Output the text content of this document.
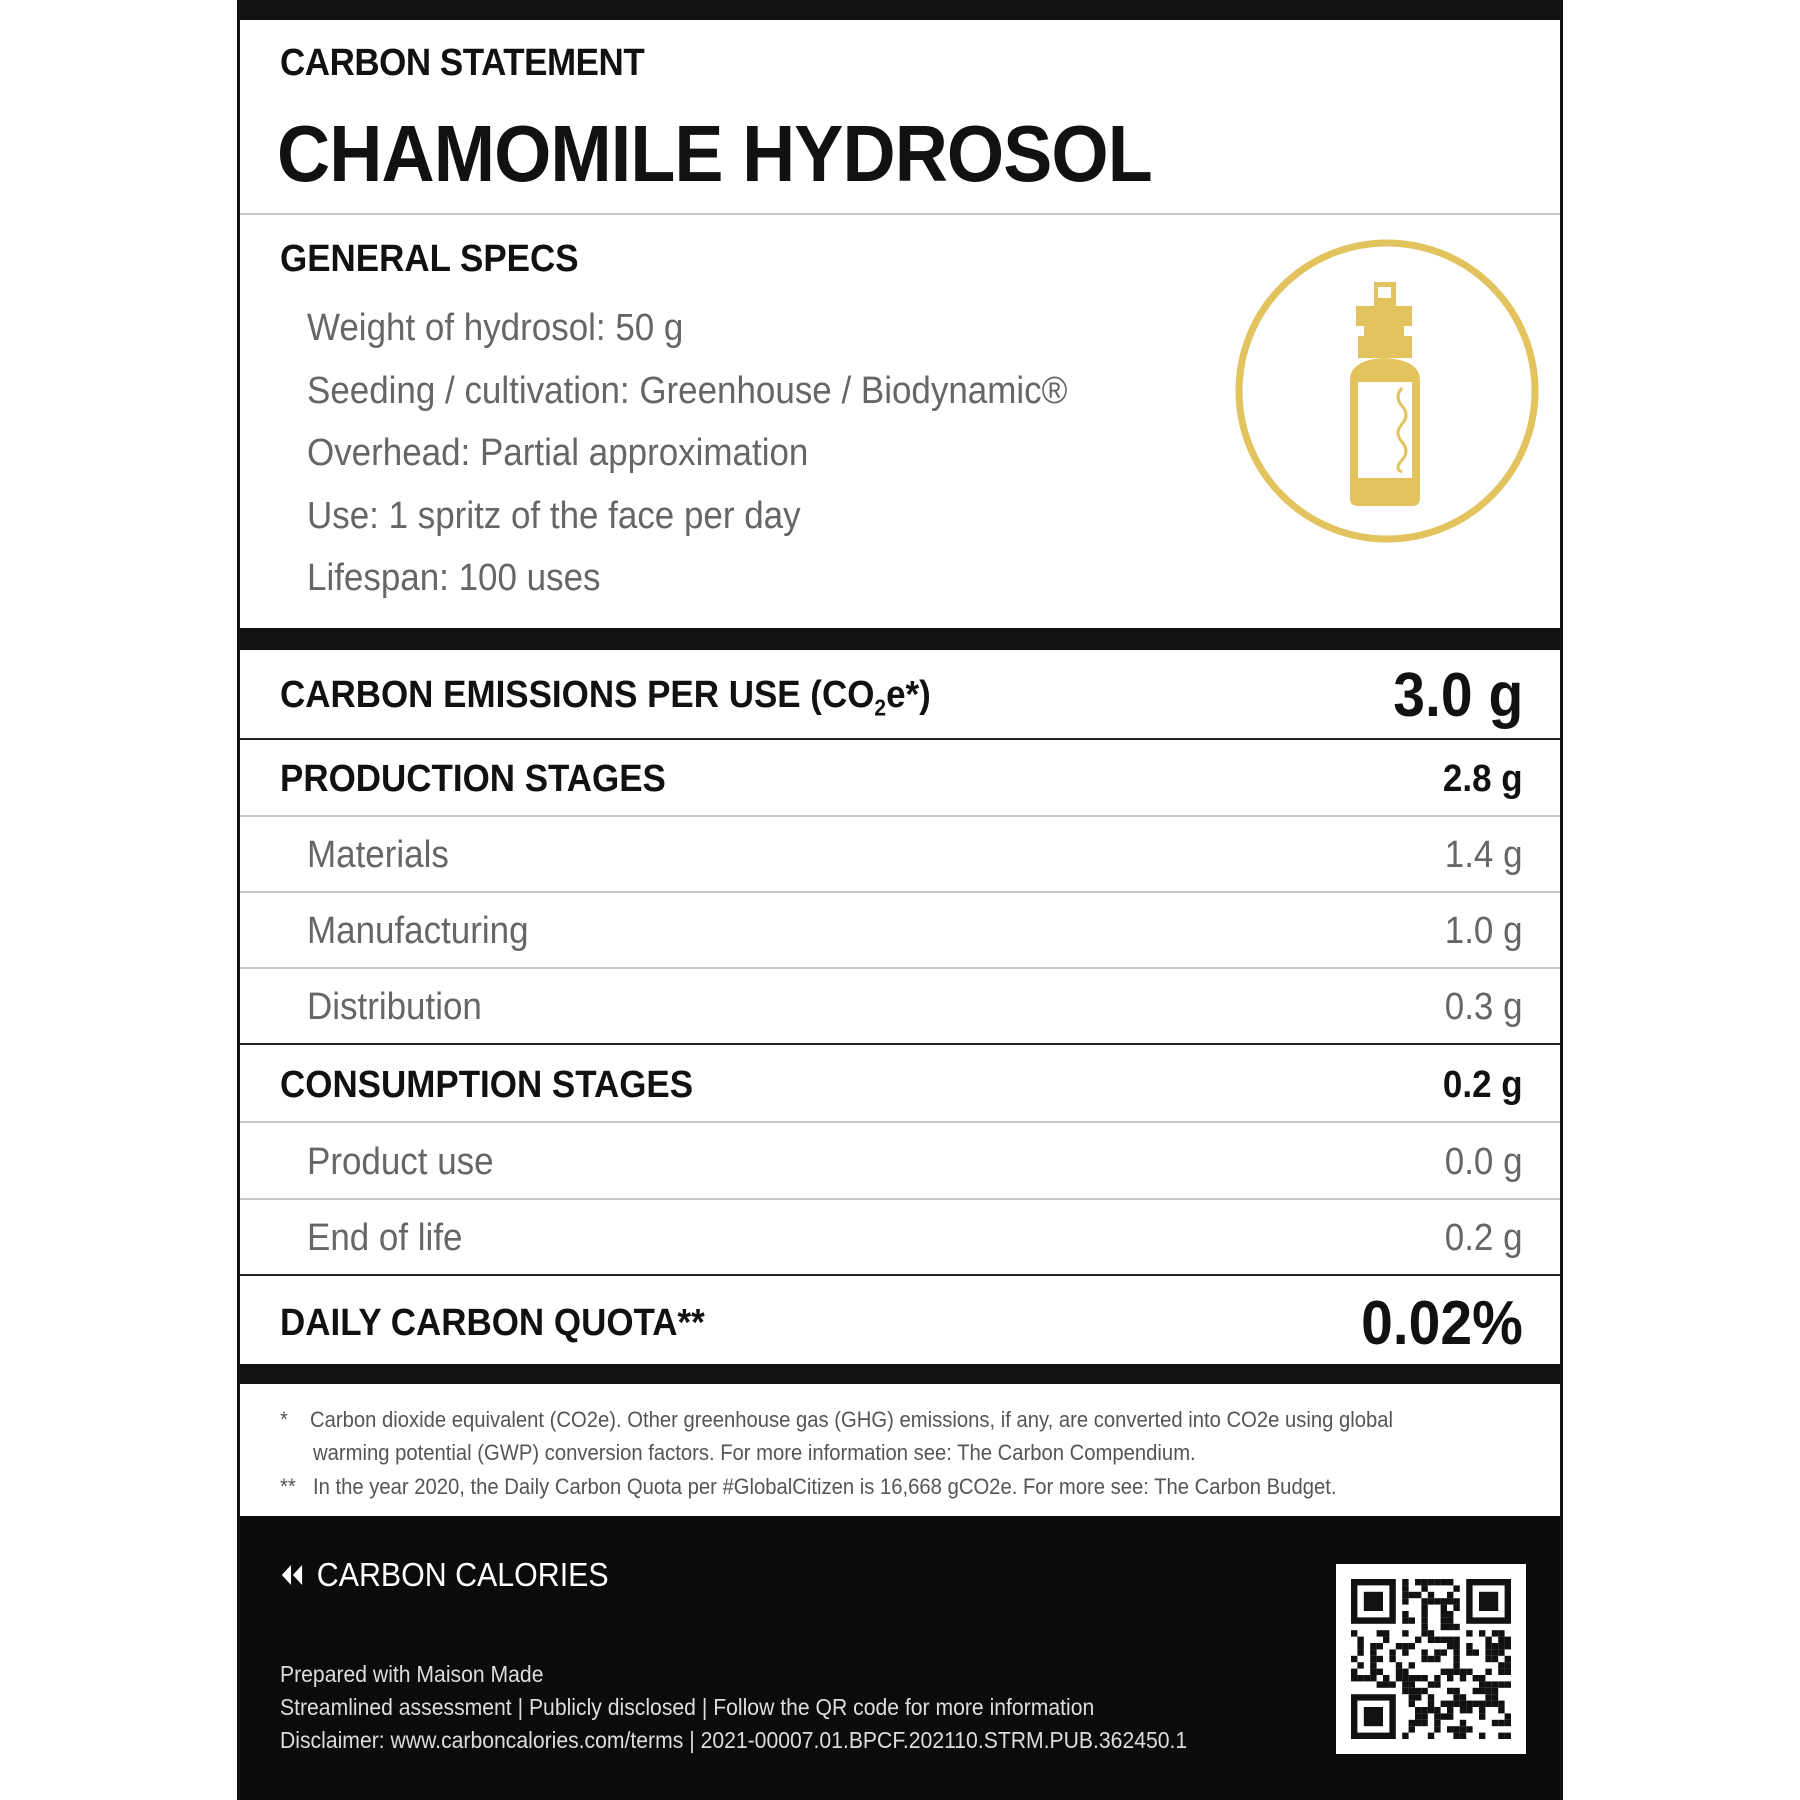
CARBON STATEMENT
CHAMOMILE HYDROSOL
GENERAL SPECS
Weight of hydrosol: 50 g
Seeding / cultivation: Greenhouse / Biodynamic®
Overhead: Partial approximation
Use: 1 spritz of the face per day
Lifespan: 100 uses
CARBON EMISSIONS PER USE $(CO_2e*)$	3.0 g
PRODUCTION STAGES	2.8 g
Materials	1.4 g
Manufacturing	1.0 g
Distribution	0.3 g
CONSUMPTION STAGES	0.2 g
Product use	0.0 g
End of life	0.2 g
DAILY CARBON QUOTA**	0.02%
* Carbon dioxide equivalent (CO2e). Other greenhouse gas (GHG) emissions, if any, are converted into CO2e using global
warming potential (GWP) conversion factors. For more information see: The Carbon Compendium.
** In the year 2020, the Daily Carbon Quota per #GlobalCitizen is 16,668 gCO2e. For more see: The Carbon Budget.
CARBON CALORIES
Prepared with Maison Made
Streamlined assessment | Publicly disclosed | Follow the QR code for more information
Disclaimer: www.carboncalories.com/terms | 2021-00007.01.BPCF.202110.STRM.PUB.362450.1
